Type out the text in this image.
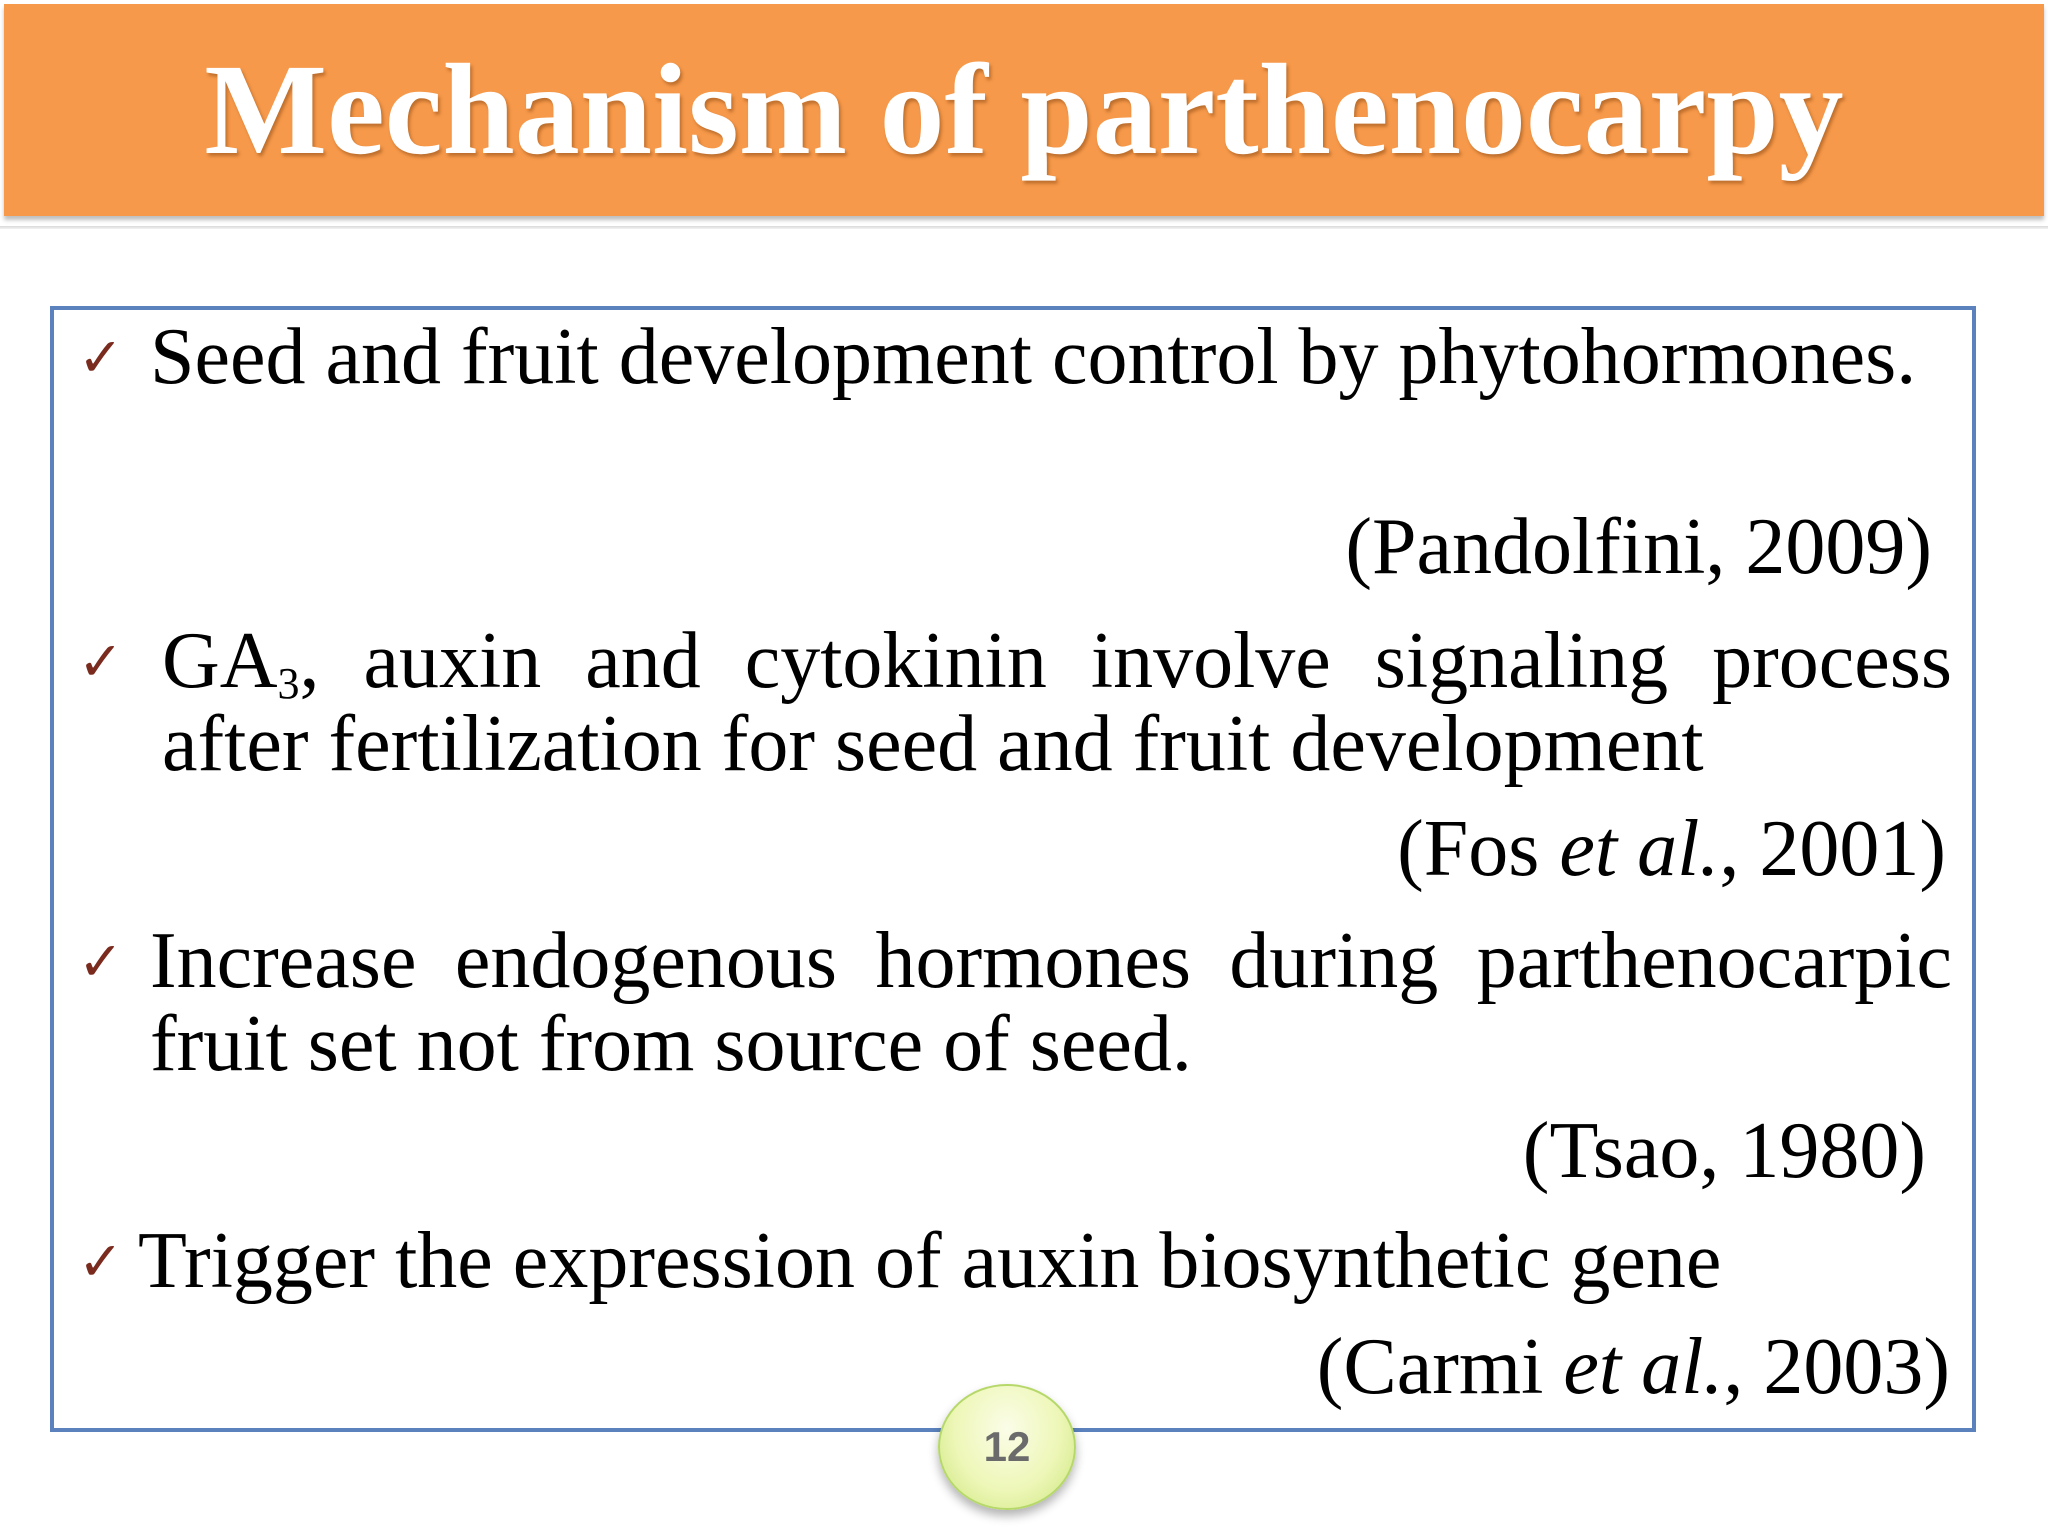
Mechanism of parthenocarpy
✓ Seed and fruit development control by phytohormones.
(Pandolfini, 2009)
✓ $GA_3$, auxin and cytokinin involve signaling process after fertilization for seed and fruit development
(Fos et al., 2001)
✓ Increase endogenous hormones during parthenocarpic fruit set not from source of seed.
(Tsao, 1980)
✓ Trigger the expression of auxin biosynthetic gene
(Carmi et al., 2003)
12
